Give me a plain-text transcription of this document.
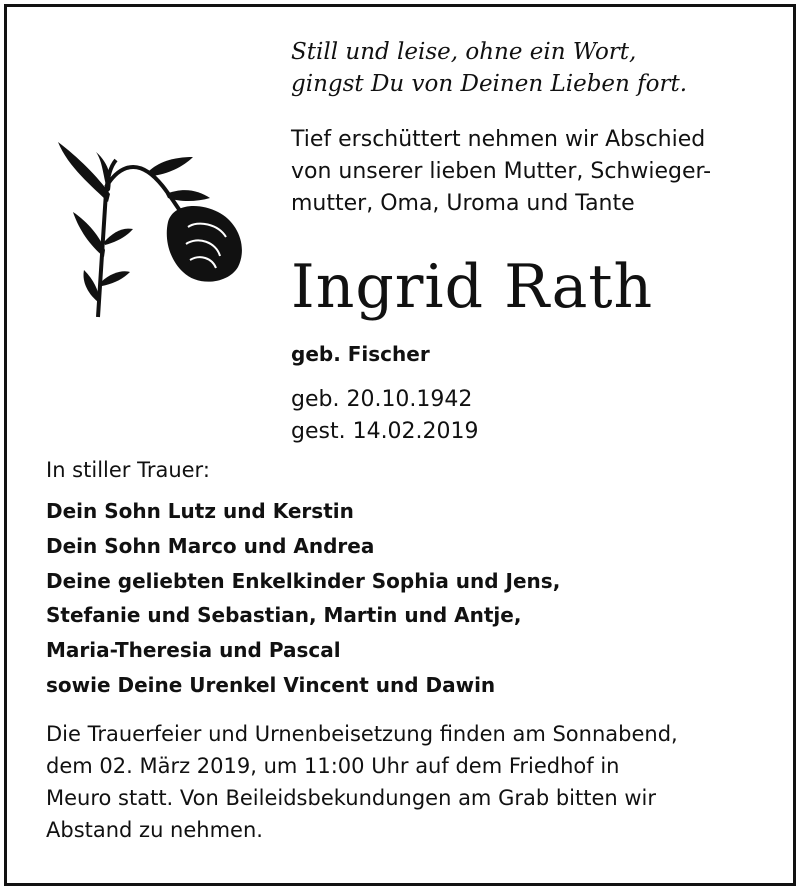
Still und leise, ohne ein Wort,
gingst Du von Deinen Lieben fort.
Tief erschüttert nehmen wir Abschied
von unserer lieben Mutter, Schwieger-
mutter, Oma, Uroma und Tante
Ingrid Rath
geb. Fischer
geb. 20.10.1942
gest. 14.02.2019
In stiller Trauer:
Dein Sohn Lutz und Kerstin
Dein Sohn Marco und Andrea
Deine geliebten Enkelkinder Sophia und Jens,
Stefanie und Sebastian, Martin und Antje,
Maria-Theresia und Pascal
sowie Deine Urenkel Vincent und Dawin
Die Trauerfeier und Urnenbeisetzung finden am Sonnabend,
dem 02. März 2019, um 11:00 Uhr auf dem Friedhof in
Meuro statt. Von Beileidsbekundungen am Grab bitten wir
Abstand zu nehmen.
